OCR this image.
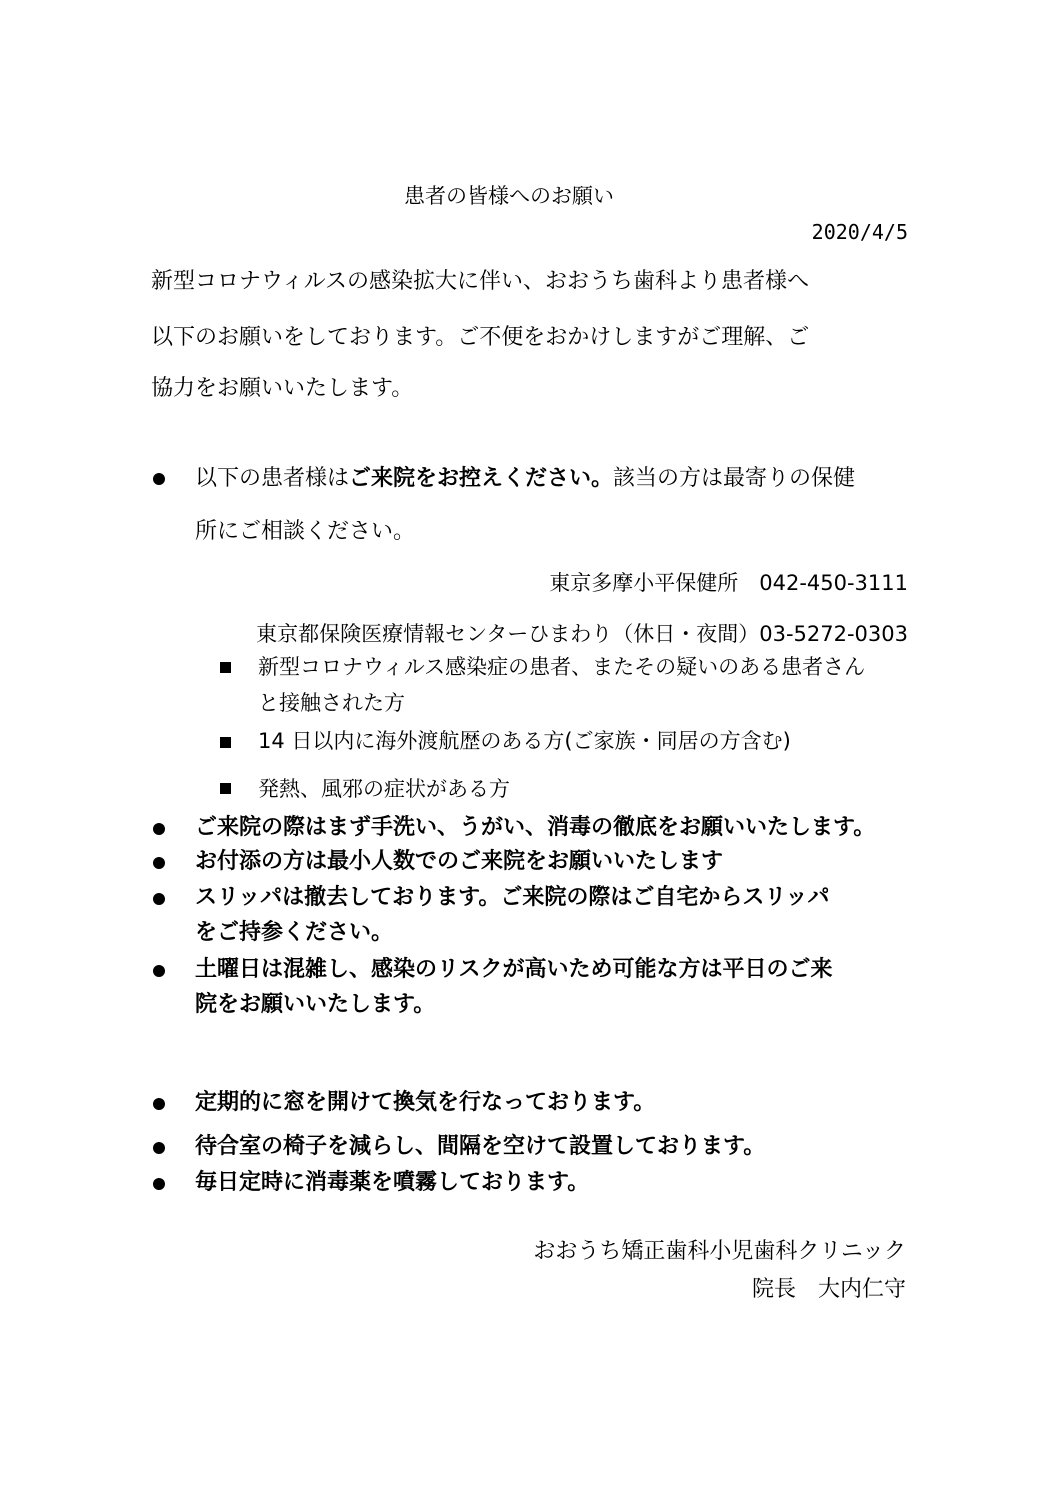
患者の皆様へのお願い
2020/4/5
新型コロナウィルスの感染拡大に伴い、おおうち歯科より患者様へ
以下のお願いをしております。ご不便をおかけしますがご理解、ご
協力をお願いいたします。
以下の患者様はご来院をお控えください。該当の方は最寄りの保健
所にご相談ください。
東京多摩小平保健所　042-450-3111
東京都保険医療情報センターひまわり（休日・夜間）03-5272-0303
新型コロナウィルス感染症の患者、またその疑いのある患者さん
と接触された方
14 日以内に海外渡航歴のある方(ご家族・同居の方含む)
発熱、風邪の症状がある方
ご来院の際はまず手洗い、うがい、消毒の徹底をお願いいたします。
お付添の方は最小人数でのご来院をお願いいたします
スリッパは撤去しております。ご来院の際はご自宅からスリッパ
をご持参ください。
土曜日は混雑し、感染のリスクが高いため可能な方は平日のご来
院をお願いいたします。
定期的に窓を開けて換気を行なっております。
待合室の椅子を減らし、間隔を空けて設置しております。
毎日定時に消毒薬を噴霧しております。
おおうち矯正歯科小児歯科クリニック
院長　大内仁守
